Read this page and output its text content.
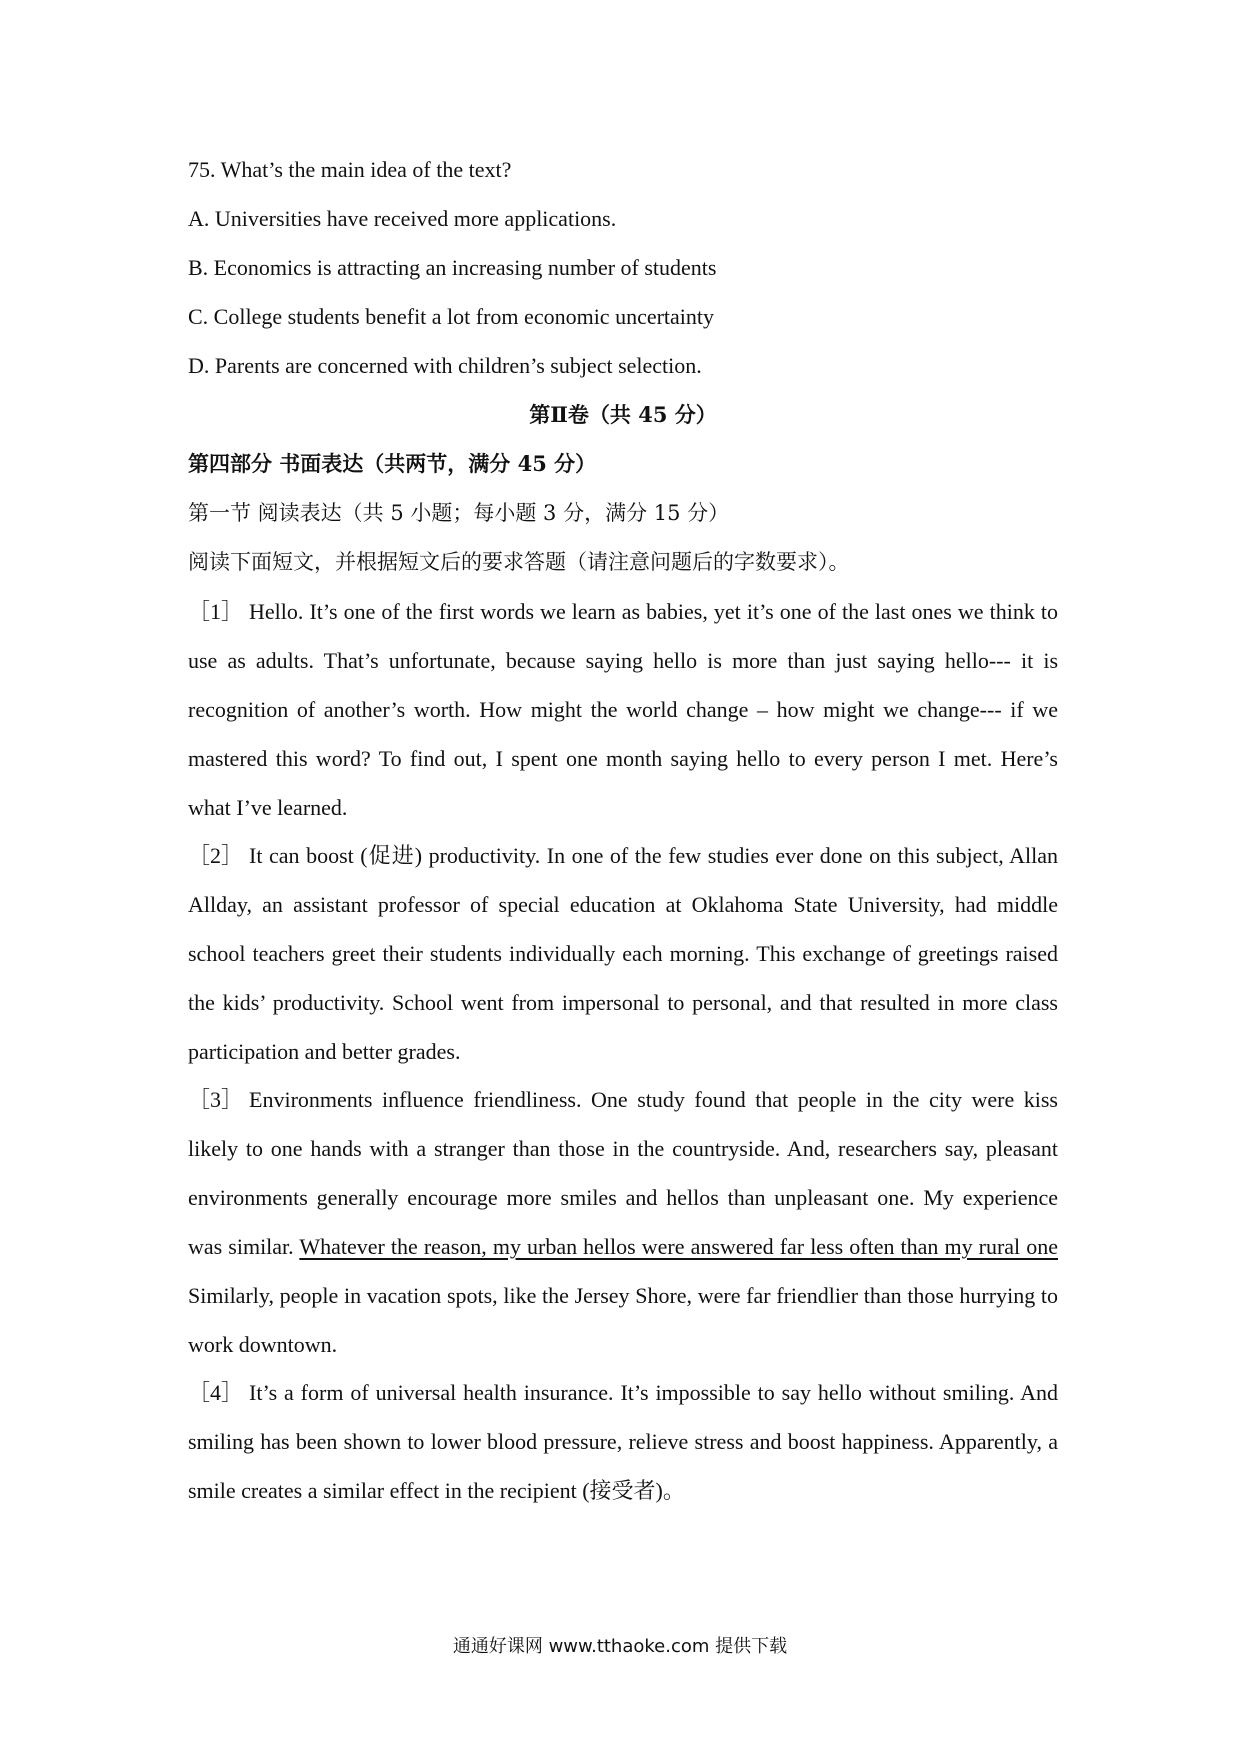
75. What’s the main idea of the text?
A. Universities have received more applications.
B. Economics is attracting an increasing number of students
C. College students benefit a lot from economic uncertainty
D. Parents are concerned with children’s subject selection.
第Ⅱ卷（共 45 分）
第四部分 书面表达（共两节，满分 45 分）
第一节 阅读表达（共 5 小题；每小题 3 分，满分 15 分）
阅读下面短文，并根据短文后的要求答题（请注意问题后的字数要求）。

［1］ Hello. It’s one of the first words we learn as babies, yet it’s one of the last ones we think to use as adults. That’s unfortunate, because saying hello is more than just saying hello--- it is recognition of another’s worth. How might the world change – how might we change--- if we mastered this word? To find out, I spent one month saying hello to every person I met. Here’s what I’ve learned.

［2］ It can boost (促进) productivity. In one of the few studies ever done on this subject, Allan Allday, an assistant professor of special education at Oklahoma State University, had middle school teachers greet their students individually each morning. This exchange of greetings raised the kids’ productivity. School went from impersonal to personal, and that resulted in more class participation and better grades.

［3］ Environments influence friendliness. One study found that people in the city were kiss likely to one hands with a stranger than those in the countryside. And, researchers say, pleasant environments generally encourage more smiles and hellos than unpleasant one. My experience was similar. Whatever the reason, my urban hellos were answered far less often than my rural one Similarly, people in vacation spots, like the Jersey Shore, were far friendlier than those hurrying to work downtown.

［4］ It’s a form of universal health insurance. It’s impossible to say hello without smiling. And smiling has been shown to lower blood pressure, relieve stress and boost happiness. Apparently, a smile creates a similar effect in the recipient (接受者)。

通通好课网 www.tthaoke.com 提供下载
